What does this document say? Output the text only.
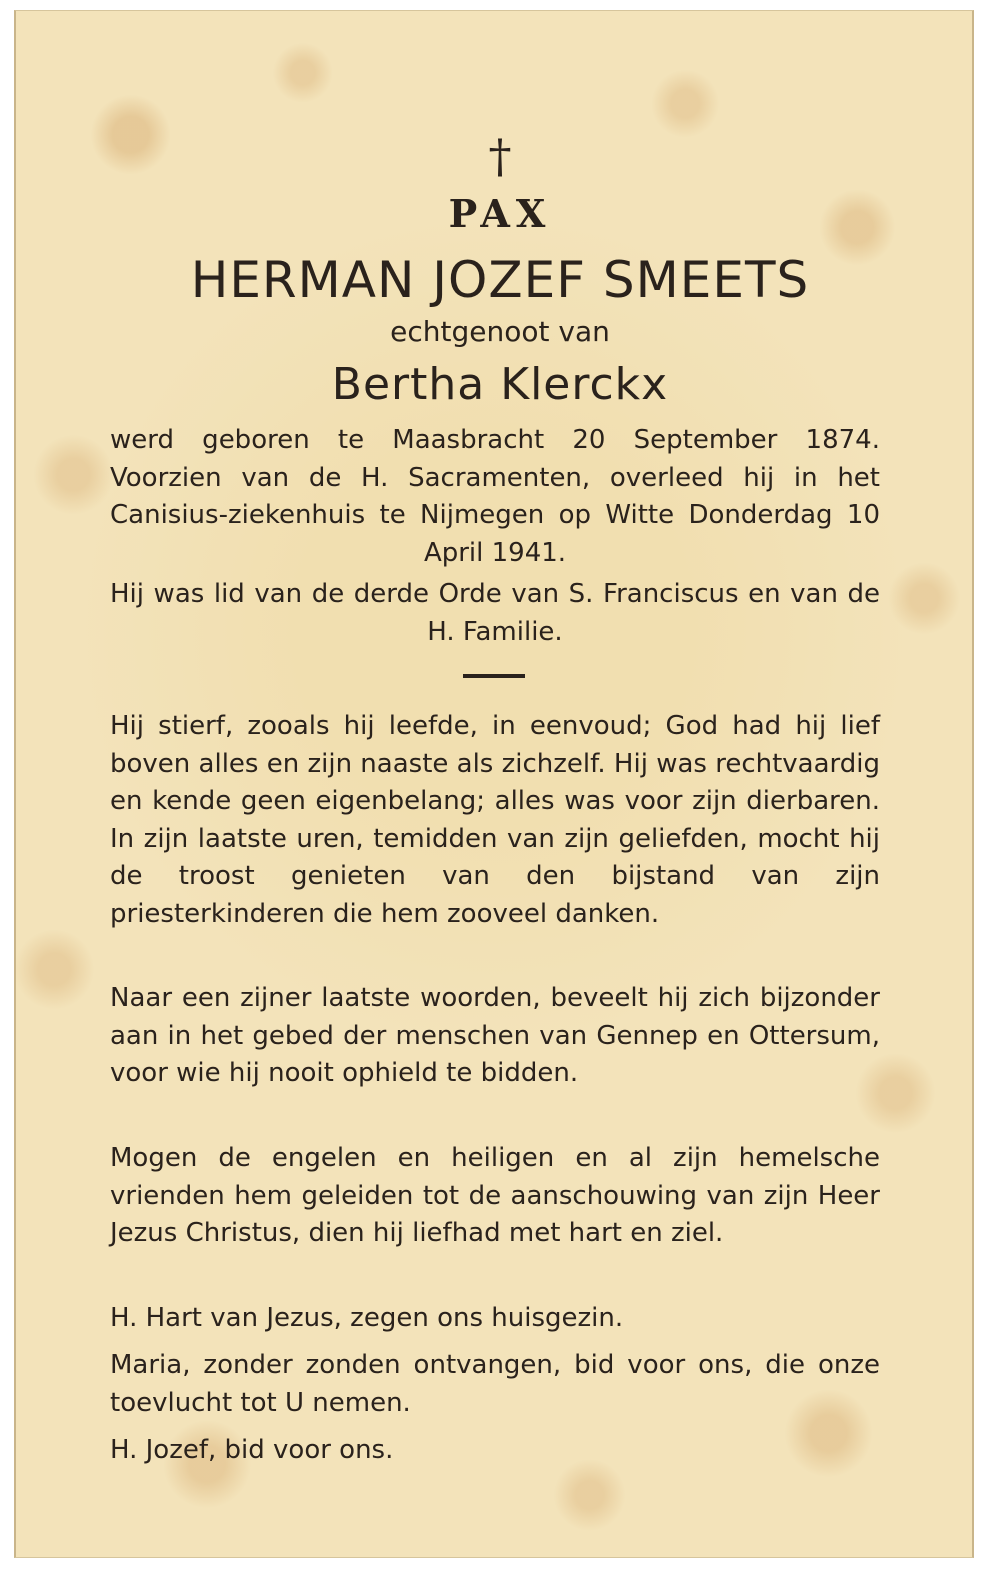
†
PAX
HERMAN JOZEF SMEETS
echtgenoot van
Bertha Klerckx

werd geboren te Maasbracht 20 September 1874. Voorzien van de H. Sacramenten, overleed hij in het Canisius-ziekenhuis te Nijmegen op Witte Donderdag 10 April 1941.

Hij was lid van de derde Orde van S. Franciscus en van de H. Familie.

Hij stierf, zooals hij leefde, in eenvoud; God had hij lief boven alles en zijn naaste als zichzelf. Hij was rechtvaardig en kende geen eigenbelang; alles was voor zijn dierbaren. In zijn laatste uren, temidden van zijn geliefden, mocht hij de troost genieten van den bijstand van zijn priesterkinderen die hem zooveel danken.

Naar een zijner laatste woorden, beveelt hij zich bijzonder aan in het gebed der menschen van Gennep en Ottersum, voor wie hij nooit ophield te bidden.

Mogen de engelen en heiligen en al zijn hemelsche vrienden hem geleiden tot de aanschouwing van zijn Heer Jezus Christus, dien hij liefhad met hart en ziel.

H. Hart van Jezus, zegen ons huisgezin.

Maria, zonder zonden ontvangen, bid voor ons, die onze toevlucht tot U nemen.

H. Jozef, bid voor ons.
